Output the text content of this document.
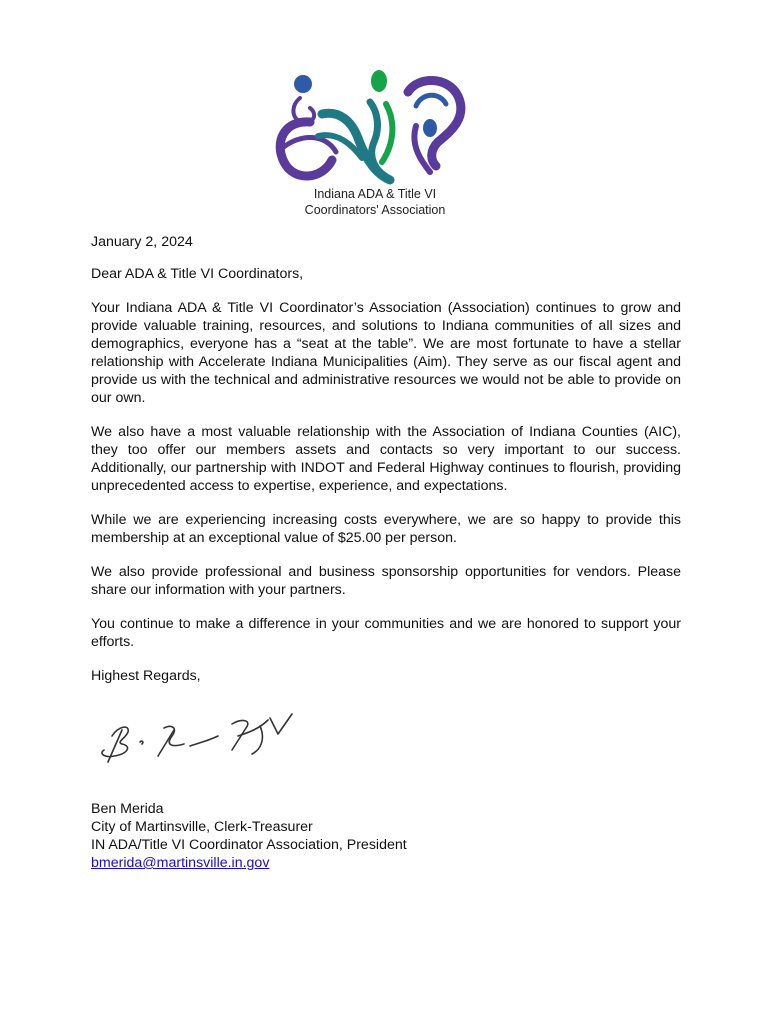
Indiana ADA & Title VI
Coordinators' Association

January 2, 2024

Dear ADA & Title VI Coordinators,

Your Indiana ADA & Title VI Coordinator’s Association (Association) continues to grow and provide valuable training, resources, and solutions to Indiana communities of all sizes and demographics, everyone has a “seat at the table”. We are most fortunate to have a stellar relationship with Accelerate Indiana Municipalities (Aim). They serve as our fiscal agent and provide us with the technical and administrative resources we would not be able to provide on our own.

We also have a most valuable relationship with the Association of Indiana Counties (AIC), they too offer our members assets and contacts so very important to our success. Additionally, our partnership with INDOT and Federal Highway continues to flourish, providing unprecedented access to expertise, experience, and expectations.

While we are experiencing increasing costs everywhere, we are so happy to provide this membership at an exceptional value of $25.00 per person.

We also provide professional and business sponsorship opportunities for vendors. Please share our information with your partners.

You continue to make a difference in your communities and we are honored to support your efforts.

Highest Regards,

Ben Merida
City of Martinsville, Clerk-Treasurer
IN ADA/Title VI Coordinator Association, President
bmerida@martinsville.in.gov
